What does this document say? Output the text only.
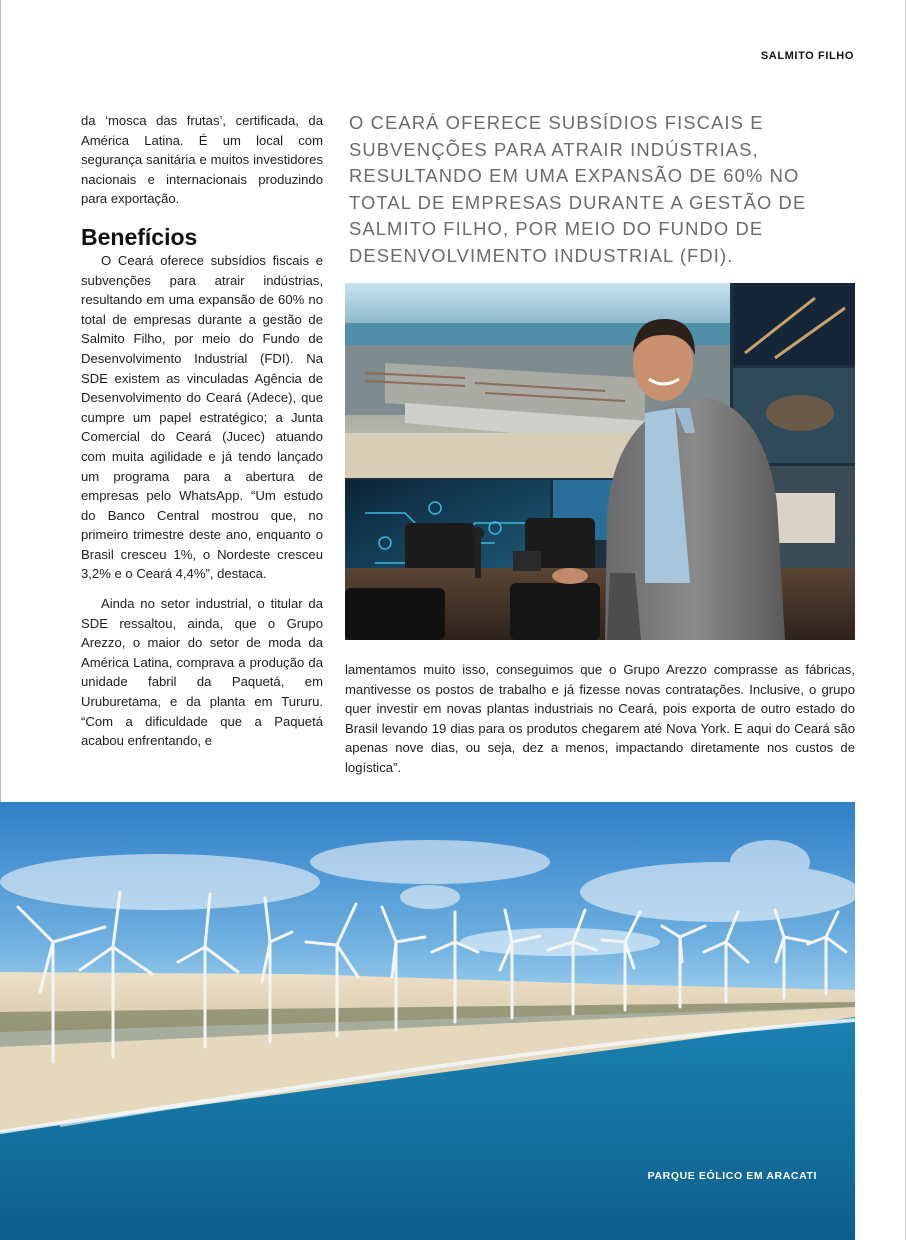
SALMITO FILHO

da ‘mosca das frutas’, certificada, da América Latina. É um local com segurança sanitária e muitos investidores nacionais e internacionais produzindo para exportação.

Benefícios

O Ceará oferece subsídios fiscais e subvenções para atrair indústrias, resultando em uma expansão de 60% no total de empresas durante a gestão de Salmito Filho, por meio do Fundo de Desenvolvimento Industrial (FDI). Na SDE existem as vinculadas Agência de Desenvolvimento do Ceará (Adece), que cumpre um papel estratégico; a Junta Comercial do Ceará (Jucec) atuando com muita agilidade e já tendo lançado um programa para a abertura de empresas pelo WhatsApp. “Um estudo do Banco Central mostrou que, no primeiro trimestre deste ano, enquanto o Brasil cresceu 1%, o Nordeste cresceu 3,2% e o Ceará 4,4%”, destaca.

Ainda no setor industrial, o titular da SDE ressaltou, ainda, que o Grupo Arezzo, o maior do setor de moda da América Latina, comprava a produção da unidade fabril da Paquetá, em Uruburetama, e da planta em Tururu. “Com a dificuldade que a Paquetá acabou enfrentando, e

O CEARÁ OFERECE SUBSÍDIOS FISCAIS E SUBVENÇÕES PARA ATRAIR INDÚSTRIAS, RESULTANDO EM UMA EXPANSÃO DE 60% NO TOTAL DE EMPRESAS DURANTE A GESTÃO DE SALMITO FILHO, POR MEIO DO FUNDO DE DESENVOLVIMENTO INDUSTRIAL (FDI).

lamentamos muito isso, conseguimos que o Grupo Arezzo comprasse as fábricas, mantivesse os postos de trabalho e já fizesse novas contratações. Inclusive, o grupo quer investir em novas plantas industriais no Ceará, pois exporta de outro estado do Brasil levando 19 dias para os produtos chegarem até Nova York. E aqui do Ceará são apenas nove dias, ou seja, dez a menos, impactando diretamente nos custos de logística”.

PARQUE EÓLICO EM ARACATI
